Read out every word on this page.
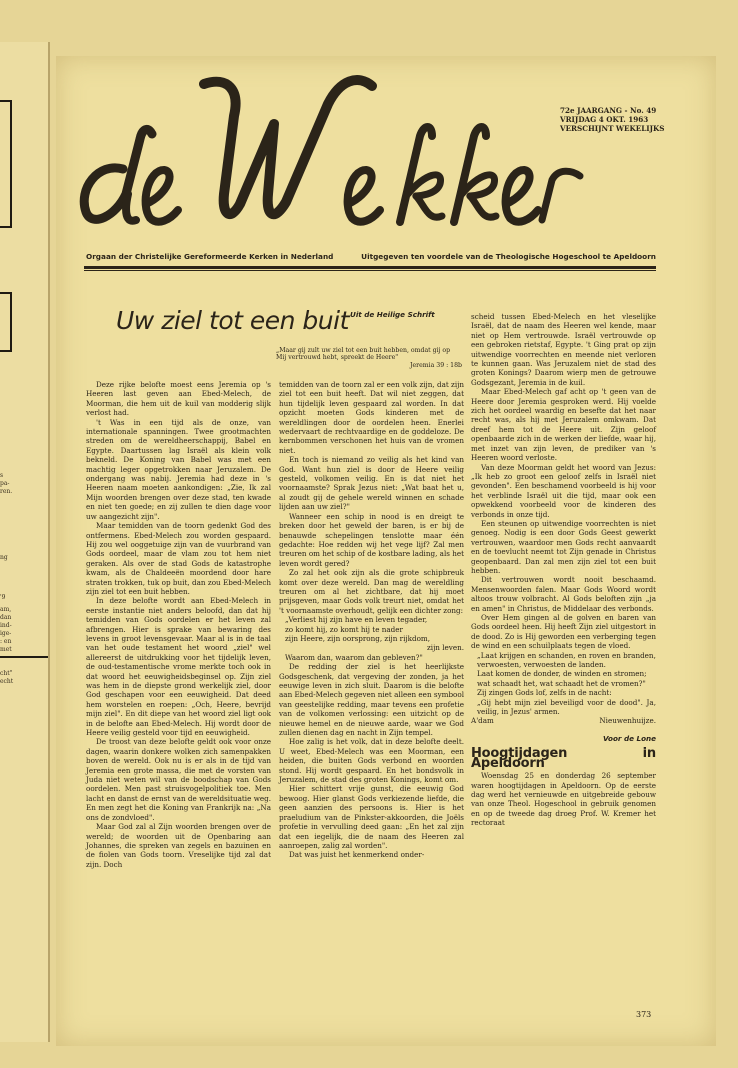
s
pa-
ren.
ng
'9
am,
dan
ind-
ige-
: en
met
cht"
echt
72e JAARGANG - No. 49
VRIJDAG 4 OKT. 1963
VERSCHIJNT WEKELIJKS
Orgaan der Christelijke Gereformeerde Kerken in Nederland	Uitgegeven ten voordele van de Theologische Hogeschool te Apeldoorn
Uit de Heilige Schrift
Uw ziel tot een buit
„Maar gij zult uw ziel tot een buit hebben, omdat gij op Mij vertrouwd hebt, spreekt de Heere"
Jeremia 39 : 18b

Deze rijke belofte moest eens Jeremia op 's Heeren last geven aan Ebed-Melech, de Moorman, die hem uit de kuil van modderig slijk verlost had.

't Was in een tijd als de onze, van internationale spanningen. Twee grootmachten streden om de wereldheerschappij, Babel en Egypte. Daartussen lag Israël als klein volk bekneld. De Koning van Babel was met een machtig leger opgetrokken naar Jeruzalem. De ondergang was nabij. Jeremia had deze in 's Heeren naam moeten aankondigen: „Zie, Ik zal Mijn woorden brengen over deze stad, ten kwade en niet ten goede; en zij zullen te dien dage voor uw aangezicht zijn".

Maar temidden van de toorn gedenkt God des ontfermens. Ebed-Melech zou worden gespaard. Hij zou wel ooggetuige zijn van de vuurbrand van Gods oordeel, maar de vlam zou tot hem niet geraken. Als over de stad Gods de katastrophe kwam, als de Chaldeeën moordend door hare straten trokken, tuk op buit, dan zou Ebed-Melech zijn ziel tot een buit hebben.

In deze belofte wordt aan Ebed-Melech in eerste instantie niet anders beloofd, dan dat hij temidden van Gods oordelen er het leven zal afbrengen. Hier is sprake van bewaring des levens in groot levensgevaar. Maar al is in de taal van het oude testament het woord „ziel" wel allereerst de uitdrukking voor het tijdelijk leven, de oud-testamentische vrome merkte toch ook in dat woord het eeuwigheidsbeginsel op. Zijn ziel was hem in de diepste grond werkelijk ziel, door God geschapen voor een eeuwigheid. Dat deed hem worstelen en roepen: „Och, Heere, bevrijd mijn ziel". En dit diepe van het woord ziel ligt ook in de belofte aan Ebed-Melech. Hij wordt door de Heere veilig gesteld voor tijd en eeuwigheid.

De troost van deze belofte geldt ook voor onze dagen, waarin donkere wolken zich samenpakken boven de wereld. Ook nu is er als in de tijd van Jeremia een grote massa, die met de vorsten van Juda niet weten wil van de boodschap van Gods oordelen. Men past struisvogelpolitiek toe. Men lacht en danst de ernst van de wereldsituatie weg. En men zegt het die Koning van Frankrijk na: „Na ons de zondvloed".

Maar God zal al Zijn woorden brengen over de wereld; de woorden uit de Openbaring aan Johannes, die spreken van zegels en bazuinen en de fiolen van Gods toorn. Vreselijke tijd zal dat zijn. Doch

temidden van de toorn zal er een volk zijn, dat zijn ziel tot een buit heeft. Dat wil niet zeggen, dat hun tijdelijk leven gespaard zal worden. In dat opzicht moeten Gods kinderen met de wereldlingen door de oordelen heen. Enerlei wedervaart de rechtvaardige en de goddeloze. De kernbommen verschonen het huis van de vromen niet.

En toch is niemand zo veilig als het kind van God. Want hun ziel is door de Heere veilig gesteld, volkomen veilig. En is dat niet het voornaamste? Sprak Jezus niet: „Wat baat het u, al zoudt gij de gehele wereld winnen en schade lijden aan uw ziel?"

Wanneer een schip in nood is en dreigt te breken door het geweld der baren, is er bij de benauwde schepelingen tenslotte maar één gedachte: Hoe redden wij het vege lijf? Zal men treuren om het schip of de kostbare lading, als het leven wordt gered?

Zo zal het ook zijn als die grote schipbreuk komt over deze wereld. Dan mag de wereldling treuren om al het zichtbare, dat hij moet prijsgeven, maar Gods volk treurt niet, omdat het 't voornaamste overhoudt, gelijk een dichter zong:

„Verliest hij zijn have en leven tegader,

zo komt hij, zo komt hij te nader

zijn Heere, zijn oorsprong, zijn rijkdom,

zijn leven.

Waarom dan, waarom dan gebleven?"

De redding der ziel is het heerlijkste Godsgeschenk, dat vergeving der zonden, ja het eeuwige leven in zich sluit. Daarom is die belofte aan Ebed-Melech gegeven niet alleen een symbool van geestelijke redding, maar tevens een profetie van de volkomen verlossing: een uitzicht op de nieuwe hemel en de nieuwe aarde, waar we God zullen dienen dag en nacht in Zijn tempel.

Hoe zalig is het volk, dat in deze belofte deelt. U weet, Ebed-Melech was een Moorman, een heiden, die buiten Gods verbond en woorden stond. Hij wordt gespaard. En het bondsvolk in Jeruzalem, de stad des groten Konings, komt om.

Hier schittert vrije gunst, die eeuwig God bewoog. Hier glanst Gods verkiezende liefde, die geen aanzien des persoons is. Hier is het praeludium van de Pinkster-akkoorden, die Joëls profetie in vervulling deed gaan: „En het zal zijn dat een iegelijk, die de naam des Heeren zal aanroepen, zalig zal worden".

Dat was juist het kenmerkend onder-

scheid tussen Ebed-Melech en het vleselijke Israël, dat de naam des Heeren wel kende, maar niet op Hem vertrouwde. Israël vertrouwde op een gebroken rietstaf, Egypte. 't Ging prat op zijn uitwendige voorrechten en meende niet verloren te kunnen gaan. Was Jeruzalem niet de stad des groten Konings? Daarom wierp men de getrouwe Godsgezant, Jeremia in de kuil.

Maar Ebed-Melech gaf acht op 't geen van de Heere door Jeremia gesproken werd. Hij voelde zich het oordeel waardig en besefte dat het naar recht was, als hij met Jeruzalem omkwam. Dat dreef hem tot de Heere uit. Zijn geloof openbaarde zich in de werken der liefde, waar hij, met inzet van zijn leven, de prediker van 's Heeren woord verloste.

Van deze Moorman geldt het woord van Jezus: „Ik heb zo groot een geloof zelfs in Israël niet gevonden". Een beschamend voorbeeld is hij voor het verblinde Israël uit die tijd, maar ook een opwekkend voorbeeld voor de kinderen des verbonds in onze tijd.

Een steunen op uitwendige voorrechten is niet genoeg. Nodig is een door Gods Geest gewerkt vertrouwen, waardoor men Gods recht aanvaardt en de toevlucht neemt tot Zijn genade in Christus geopenbaard. Dan zal men zijn ziel tot een buit hebben.

Dit vertrouwen wordt nooit beschaamd. Mensenwoorden falen. Maar Gods Woord wordt altoos trouw volbracht. Al Gods beloften zijn „ja en amen" in Christus, de Middelaar des verbonds.

Over Hem gingen al de golven en baren van Gods oordeel heen. Hij heeft Zijn ziel uitgestort in de dood. Zo is Hij geworden een verberging tegen de wind en een schuilplaats tegen de vloed.

„Laat krijgen en schanden, en roven en branden,

verwoesten, verwoesten de landen.

Laat komen de donder, de winden en stromen;

wat schaadt het, wat schaadt het de vromen?"

Zij zingen Gods lof, zelfs in de nacht:

„Gij hebt mijn ziel beveiligd voor de dood". Ja, veilig, in Jezus' armen.

A'dam	Nieuwenhuijze.
Voor de Lone
Hoogtijdagen in Apeldoorn

Woensdag 25 en donderdag 26 september waren hoogtijdagen in Apeldoorn. Op de eerste dag werd het vernieuwde en uitgebreide gebouw van onze Theol. Hogeschool in gebruik genomen en op de tweede dag droeg Prof. W. Kremer het rectoraat

373
